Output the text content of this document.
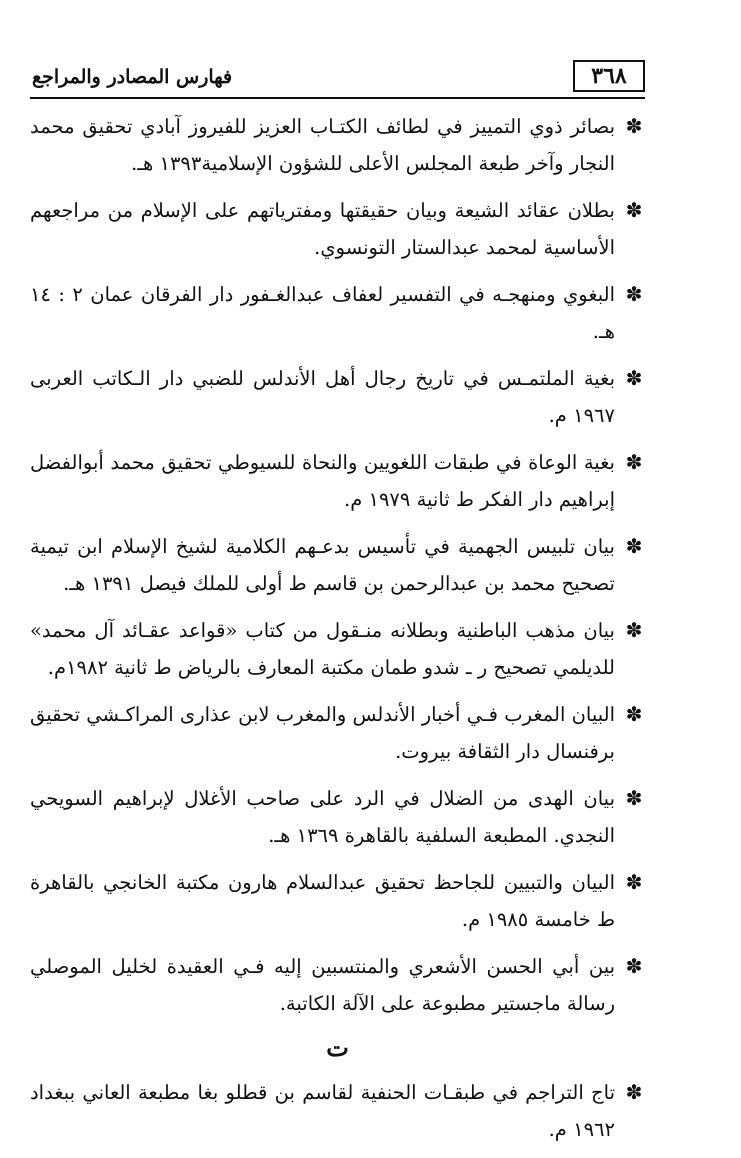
٣٦٨
فهارس المصادر والمراجع
✽
بصائر ذوي التمييز في لطائف الكتـاب العزيز للفيروز آبادي تحقيق محمد النجار وآخر طبعة المجلس الأعلى للشؤون الإسلامية١٣٩٣ هـ.
✽
بطلان عقائد الشيعة وبيان حقيقتها ومفترياتهم على الإسلام من مراجعهم الأساسية لمحمد عبدالستار التونسوي.
✽
البغوي ومنهجـه في التفسير لعفاف عبدالغـفور دار الفرقان عمان ٢ : ١٤ هـ.
✽
بغية الملتمـس في تاريخ رجال أهل الأندلس للضبي دار الـكاتب العربى ١٩٦٧ م.
✽
بغية الوعاة في طبقات اللغويين والنحاة للسيوطي تحقيق محمد أبوالفضل إبراهيم دار الفكر ط ثانية ١٩٧٩ م.
✽
بيان تلبيس الجهمية في تأسيس بدعـهم الكلامية لشيخ الإسلام ابن تيمية تصحيح محمد بن عبدالرحمن بن قاسم ط أولى للملك فيصل ١٣٩١ هـ.
✽
بيان مذهب الباطنية وبطلانه منـقول من كتاب «قواعد عقـائد آل محمد» للديلمي تصحيح ر ـ شدو طمان مكتبة المعارف بالرياض ط ثانية ١٩٨٢م.
✽
البيان المغرب فـي أخبار الأندلس والمغرب لابن عذارى المراكـشي تحقيق برفنسال دار الثقافة بيروت.
✽
بيان الهدى من الضلال في الرد على صاحب الأغلال لإبراهيم السويحي النجدي. المطبعة السلفية بالقاهرة ١٣٦٩ هـ.
✽
البيان والتبيين للجاحظ تحقيق عبدالسلام هارون مكتبة الخانجي بالقاهرة ط خامسة ١٩٨٥ م.
✽
بين أبي الحسن الأشعري والمنتسبين إليه فـي العقيدة لخليل الموصلي رسالة ماجستير مطبوعة على الآلة الكاتبة.
ت
✽
تاج التراجم في طبقـات الحنفية لقاسم بن قطلو بغا مطبعة العاني ببغداد ١٩٦٢ م.
